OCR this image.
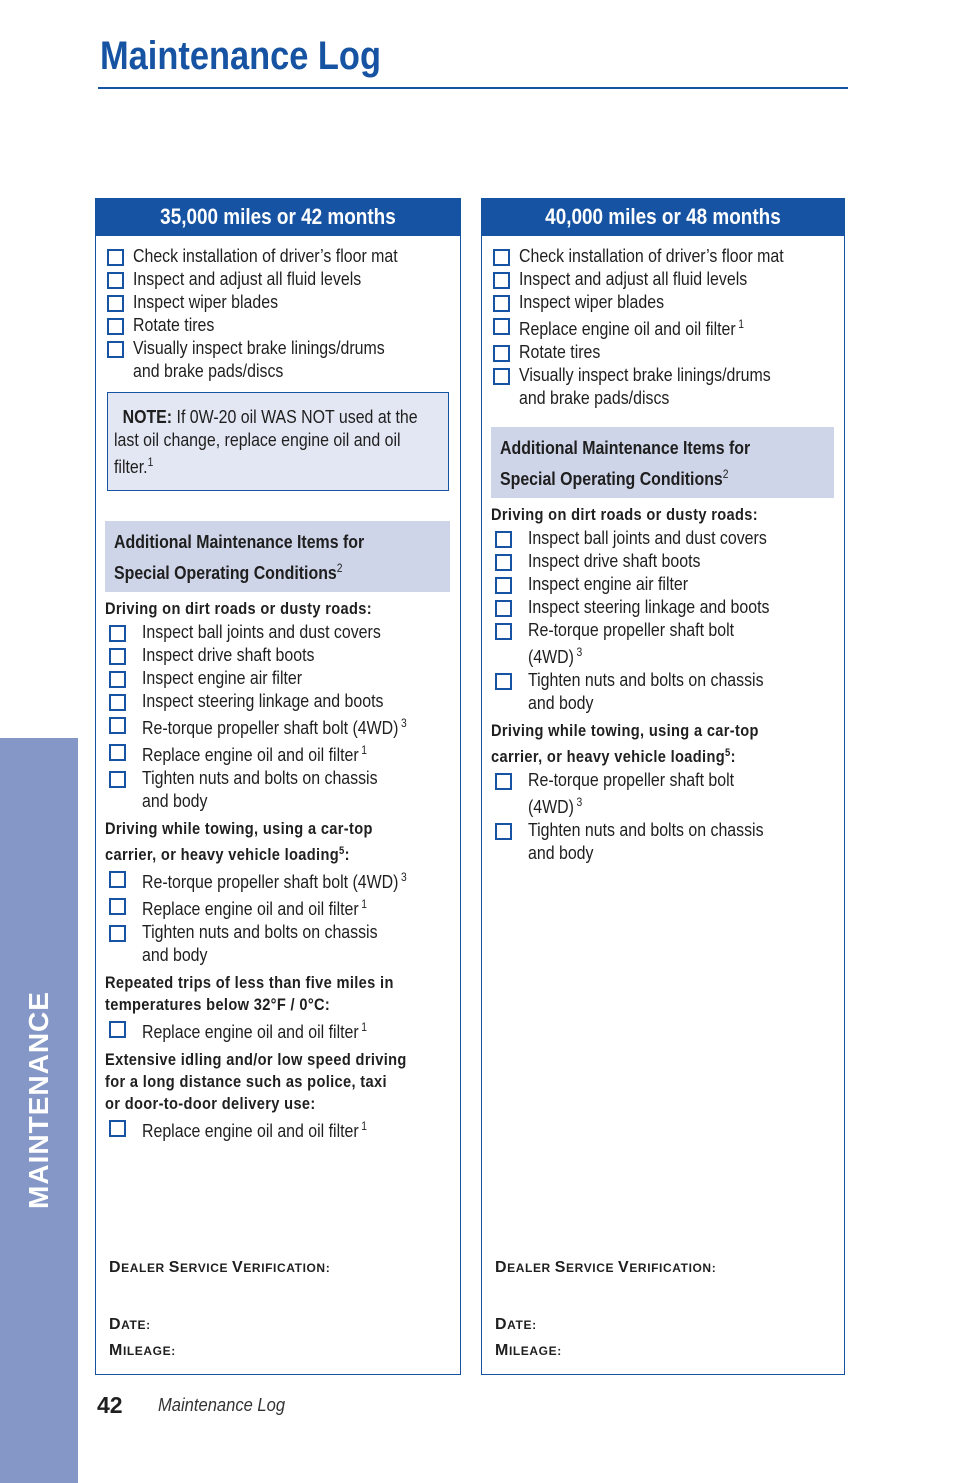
MAINTENANCE
Maintenance Log
35,000 miles or 42 months
Check installation of driver’s floor mat
Inspect and adjust all fluid levels
Inspect wiper blades
Rotate tires
Visually inspect brake linings/drums
and brake pads/discs
NOTE: If 0W-20 oil WAS NOT used at the last oil change, replace engine oil and oil filter.$^1$
Additional Maintenance Items for
Special Operating Conditions$^2$
Driving on dirt roads or dusty roads:
Inspect ball joints and dust covers
Inspect drive shaft boots
Inspect engine air filter
Inspect steering linkage and boots
Re-torque propeller shaft bolt (4WD) $^3$
Replace engine oil and oil filter $^1$
Tighten nuts and bolts on chassis
and body
Driving while towing, using a car-top
carrier, or heavy vehicle loading$^5$:
Re-torque propeller shaft bolt (4WD) $^3$
Replace engine oil and oil filter $^1$
Tighten nuts and bolts on chassis
and body
Repeated trips of less than five miles in
temperatures below 32°F / 0°C:
Replace engine oil and oil filter $^1$
Extensive idling and/or low speed driving
for a long distance such as police, taxi
or door-to-door delivery use:
Replace engine oil and oil filter $^1$
DEALER SERVICE VERIFICATION:
DATE:
MILEAGE:
40,000 miles or 48 months
Check installation of driver’s floor mat
Inspect and adjust all fluid levels
Inspect wiper blades
Replace engine oil and oil filter $^1$
Rotate tires
Visually inspect brake linings/drums
and brake pads/discs
Additional Maintenance Items for
Special Operating Conditions$^2$
Driving on dirt roads or dusty roads:
Inspect ball joints and dust covers
Inspect drive shaft boots
Inspect engine air filter
Inspect steering linkage and boots
Re-torque propeller shaft bolt (4WD) $^3$
Tighten nuts and bolts on chassis
and body
Driving while towing, using a car-top
carrier, or heavy vehicle loading$^5$:
Re-torque propeller shaft bolt (4WD) $^3$
Tighten nuts and bolts on chassis
and body
DEALER SERVICE VERIFICATION:
DATE:
MILEAGE:
42 Maintenance Log
